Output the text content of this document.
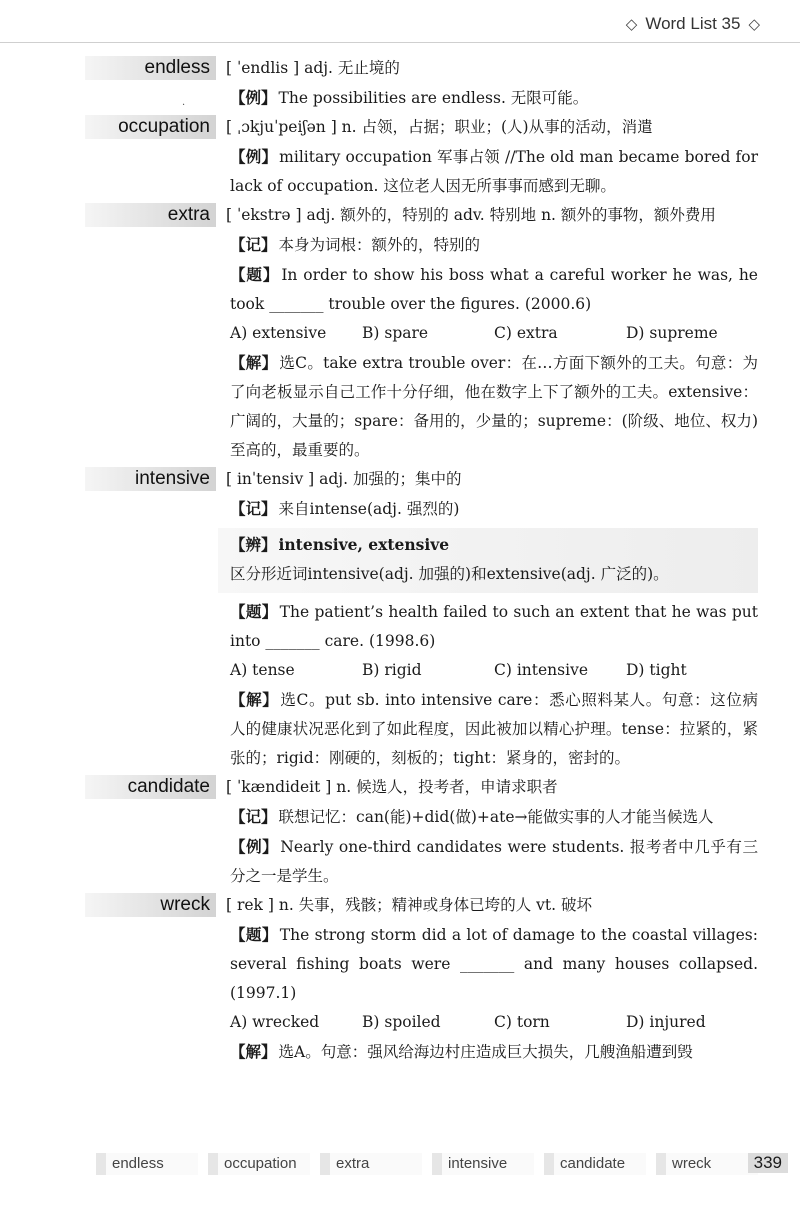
◇ Word List 35 ◇
·
endless	[ ˈendlis ] adj. 无止境的
【例】 The possibilities are endless. 无限可能。
occupation	[ ˌɔkjuˈpeiʃən ] n. 占领，占据；职业；(人)从事的活动，消遣
【例】 military occupation 军事占领 //The old man became bored for lack of occupation. 这位老人因无所事事而感到无聊。
extra	[ ˈekstrə ] adj. 额外的，特别的 adv. 特别地 n. 额外的事物，额外费用
【记】 本身为词根：额外的，特别的
【题】 In order to show his boss what a careful worker he was, he took _______ trouble over the figures. (2000.6)
A) extensive	B) spare	C) extra	D) supreme
【解】 选C。take extra trouble over：在…方面下额外的工夫。句意：为了向老板显示自己工作十分仔细，他在数字上下了额外的工夫。extensive：广阔的，大量的；spare：备用的，少量的；supreme：(阶级、地位、权力)至高的，最重要的。
intensive	[ inˈtensiv ] adj. 加强的；集中的
【记】 来自intense(adj. 强烈的)
【辨】 intensive, extensive
区分形近词intensive(adj. 加强的)和extensive(adj. 广泛的)。
【题】 The patient’s health failed to such an extent that he was put into _______ care. (1998.6)
A) tense	B) rigid	C) intensive	D) tight
【解】 选C。put sb. into intensive care：悉心照料某人。句意：这位病人的健康状况恶化到了如此程度，因此被加以精心护理。tense：拉紧的，紧张的；rigid：刚硬的，刻板的；tight：紧身的，密封的。
candidate	[ ˈkændideit ] n. 候选人，投考者，申请求职者
【记】 联想记忆：can(能)+did(做)+ate→能做实事的人才能当候选人
【例】 Nearly one-third candidates were students. 报考者中几乎有三分之一是学生。
wreck	[ rek ] n. 失事，残骸；精神或身体已垮的人 vt. 破坏
【题】 The strong storm did a lot of damage to the coastal villages: several fishing boats were _______ and many houses collapsed. (1997.1)
A) wrecked	B) spoiled	C) torn	D) injured
【解】 选A。句意：强风给海边村庄造成巨大损失，几艘渔船遭到毁
endless	occupation	extra	intensive	candidate	wreck	339
